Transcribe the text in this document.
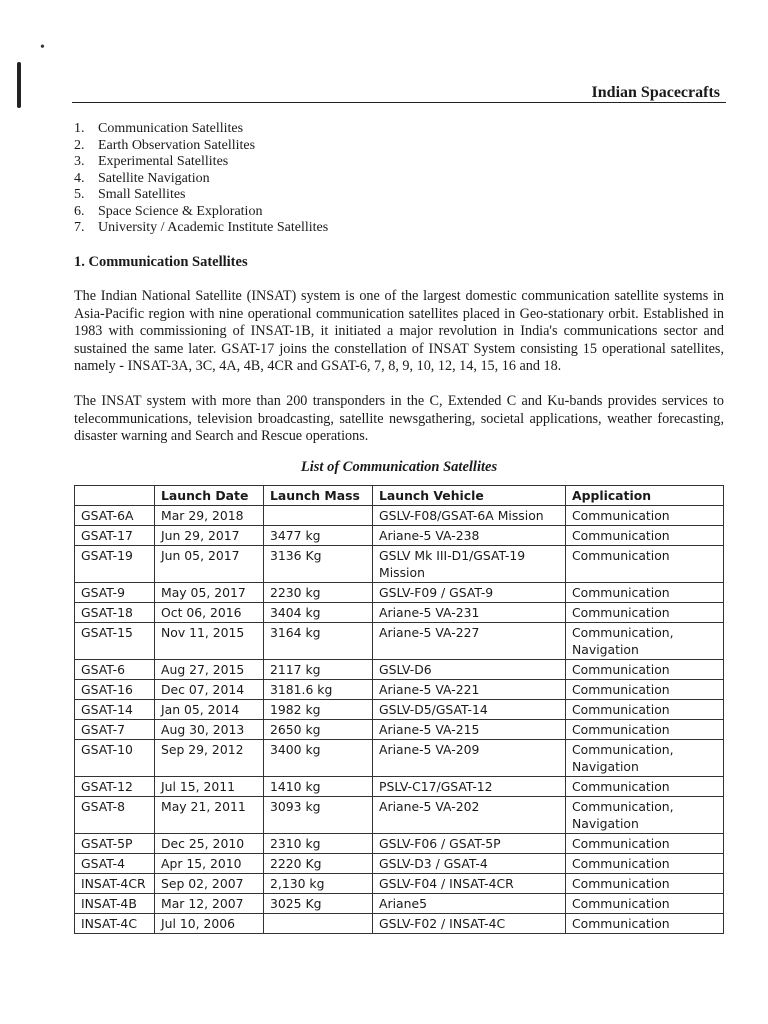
•
Indian Spacecrafts
1. Communication Satellites
2. Earth Observation Satellites
3. Experimental Satellites
4. Satellite Navigation
5. Small Satellites
6. Space Science & Exploration
7. University / Academic Institute Satellites
1. Communication Satellites

The Indian National Satellite (INSAT) system is one of the largest domestic communication satellite systems in Asia-Pacific region with nine operational communication satellites placed in Geo-stationary orbit. Established in 1983 with commissioning of INSAT-1B, it initiated a major revolution in India's communications sector and sustained the same later. GSAT-17 joins the constellation of INSAT System consisting 15 operational satellites, namely - INSAT-3A, 3C, 4A, 4B, 4CR and GSAT-6, 7, 8, 9, 10, 12, 14, 15, 16 and 18.

The INSAT system with more than 200 transponders in the C, Extended C and Ku-bands provides services to telecommunications, television broadcasting, satellite newsgathering, societal applications, weather forecasting, disaster warning and Search and Rescue operations.

List of Communication Satellites
	Launch Date	Launch Mass	Launch Vehicle	Application
GSAT-6A	Mar 29, 2018		GSLV-F08/GSAT-6A Mission	Communication
GSAT-17	Jun 29, 2017	3477 kg	Ariane-5 VA-238	Communication
GSAT-19	Jun 05, 2017	3136 Kg	GSLV Mk III-D1/GSAT-19 Mission	Communication
GSAT-9	May 05, 2017	2230 kg	GSLV-F09 / GSAT-9	Communication
GSAT-18	Oct 06, 2016	3404 kg	Ariane-5 VA-231	Communication
GSAT-15	Nov 11, 2015	3164 kg	Ariane-5 VA-227	Communication, Navigation
GSAT-6	Aug 27, 2015	2117 kg	GSLV-D6	Communication
GSAT-16	Dec 07, 2014	3181.6 kg	Ariane-5 VA-221	Communication
GSAT-14	Jan 05, 2014	1982 kg	GSLV-D5/GSAT-14	Communication
GSAT-7	Aug 30, 2013	2650 kg	Ariane-5 VA-215	Communication
GSAT-10	Sep 29, 2012	3400 kg	Ariane-5 VA-209	Communication, Navigation
GSAT-12	Jul 15, 2011	1410 kg	PSLV-C17/GSAT-12	Communication
GSAT-8	May 21, 2011	3093 kg	Ariane-5 VA-202	Communication, Navigation
GSAT-5P	Dec 25, 2010	2310 kg	GSLV-F06 / GSAT-5P	Communication
GSAT-4	Apr 15, 2010	2220 Kg	GSLV-D3 / GSAT-4	Communication
INSAT-4CR	Sep 02, 2007	2,130 kg	GSLV-F04 / INSAT-4CR	Communication
INSAT-4B	Mar 12, 2007	3025 Kg	Ariane5	Communication
INSAT-4C	Jul 10, 2006		GSLV-F02 / INSAT-4C	Communication
